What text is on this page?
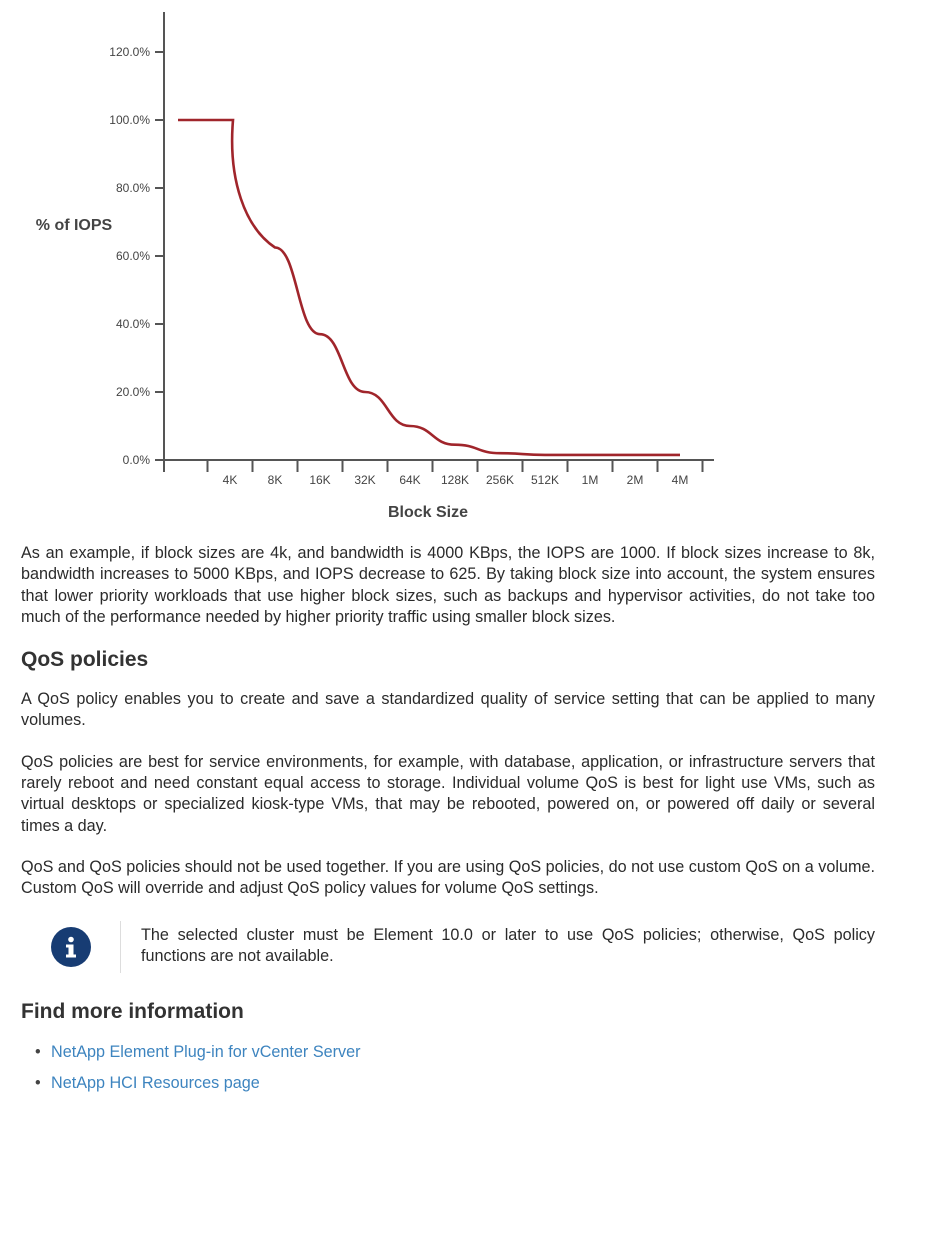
0.0%
20.0%
40.0%
60.0%
80.0%
100.0%
120.0%
4K	8K 16K 32K 64K 128K 256K 512K 1M 2M 4M
% of IOPS
Block Size

As an example, if block sizes are 4k, and bandwidth is 4000 KBps, the IOPS are 1000. If block sizes increase to 8k, bandwidth increases to 5000 KBps, and IOPS decrease to 625. By taking block size into account, the system ensures that lower priority workloads that use higher block sizes, such as backups and hypervisor activities, do not take too much of the performance needed by higher priority traffic using smaller block sizes.

QoS policies

A QoS policy enables you to create and save a standardized quality of service setting that can be applied to many volumes.

QoS policies are best for service environments, for example, with database, application, or infrastructure servers that rarely reboot and need constant equal access to storage. Individual volume QoS is best for light use VMs, such as virtual desktops or specialized kiosk-type VMs, that may be rebooted, powered on, or powered off daily or several times a day.

QoS and QoS policies should not be used together. If you are using QoS policies, do not use custom QoS on a volume. Custom QoS will override and adjust QoS policy values for volume QoS settings.

The selected cluster must be Element 10.0 or later to use QoS policies; otherwise, QoS policy functions are not available.
Find more information
• NetApp Element Plug-in for vCenter Server
• NetApp HCI Resources page
